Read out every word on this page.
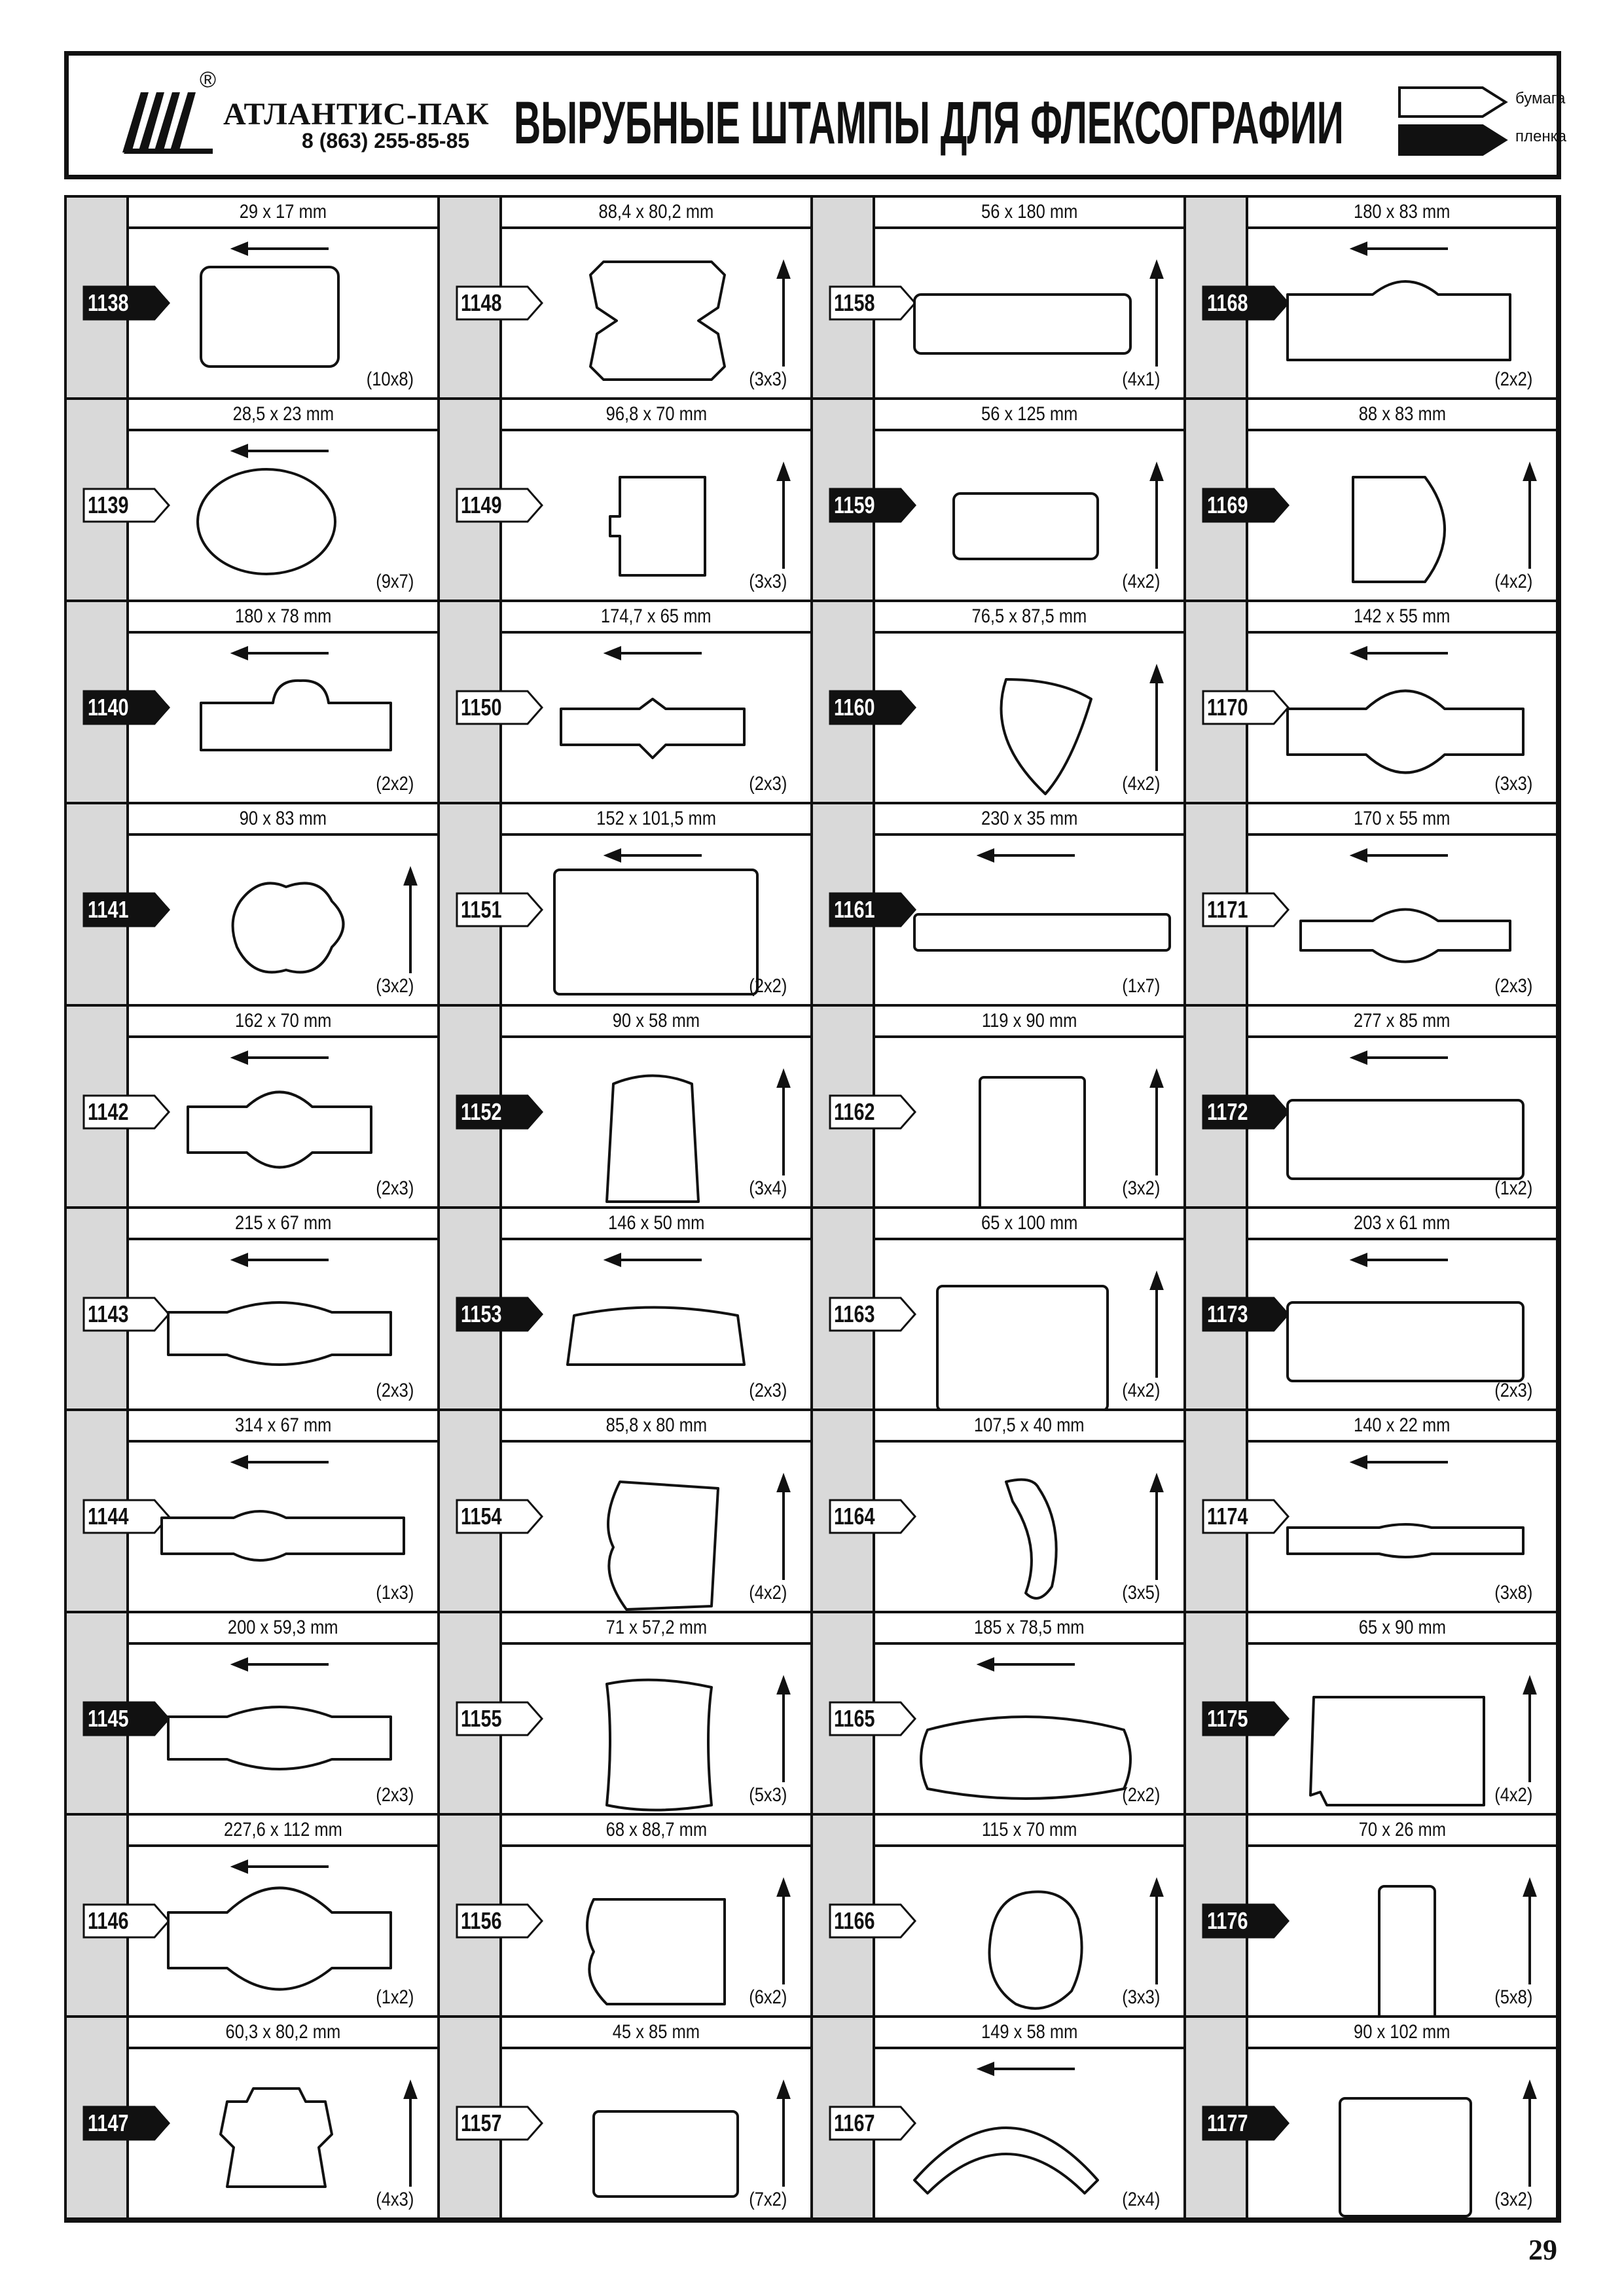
®
АТЛАНТИС-ПАК
8 (863) 255-85-85 ВЫРУБНЫЕ ШТАМПЫ ДЛЯ ФЛЕКСОГРАФИИ	бумага
пленка
29 x 17 mm
1138
(10x8)
28,5 x 23 mm
1139
(9x7)
180 x 78 mm
1140
(2x2)
90 x 83 mm
1141
(3x2)
162 x 70 mm
1142
(2x3)
215 x 67 mm
1143
(2x3)
314 x 67 mm
1144
(1x3)
200 x 59,3 mm
1145
(2x3)
227,6 x 112 mm
1146
(1x2)
60,3 x 80,2 mm
1147
(4x3)
88,4 x 80,2 mm
1148
(3x3)
96,8 x 70 mm
1149
(3x3)
174,7 x 65 mm
1150
(2x3)
152 x 101,5 mm
1151
(2x2)
90 x 58 mm
1152
(3x4)
146 x 50 mm
1153
(2x3)
85,8 x 80 mm
1154
(4x2)
71 x 57,2 mm
1155
(5x3)
68 x 88,7 mm
1156
(6x2)
45 x 85 mm
1157
(7x2)
56 x 180 mm
1158
(4x1)
56 x 125 mm
1159
(4x2)
76,5 x 87,5 mm
1160
(4x2)
230 x 35 mm
1161
(1x7)
119 x 90 mm
1162
(3x2)
65 x 100 mm
1163
(4x2)
107,5 x 40 mm
1164
(3x5)
185 x 78,5 mm
1165
(2x2)
115 x 70 mm
1166
(3x3)
149 x 58 mm
1167
(2x4)
180 x 83 mm
1168
(2x2)
88 x 83 mm
1169
(4x2)
142 x 55 mm
1170
(3x3)
170 x 55 mm
1171
(2x3)
277 x 85 mm
1172
(1x2)
203 x 61 mm
1173
(2x3)
140 x 22 mm
1174
(3x8)
65 x 90 mm
1175
(4x2)
70 x 26 mm
1176
(5x8)
90 x 102 mm
1177
(3x2)
29
